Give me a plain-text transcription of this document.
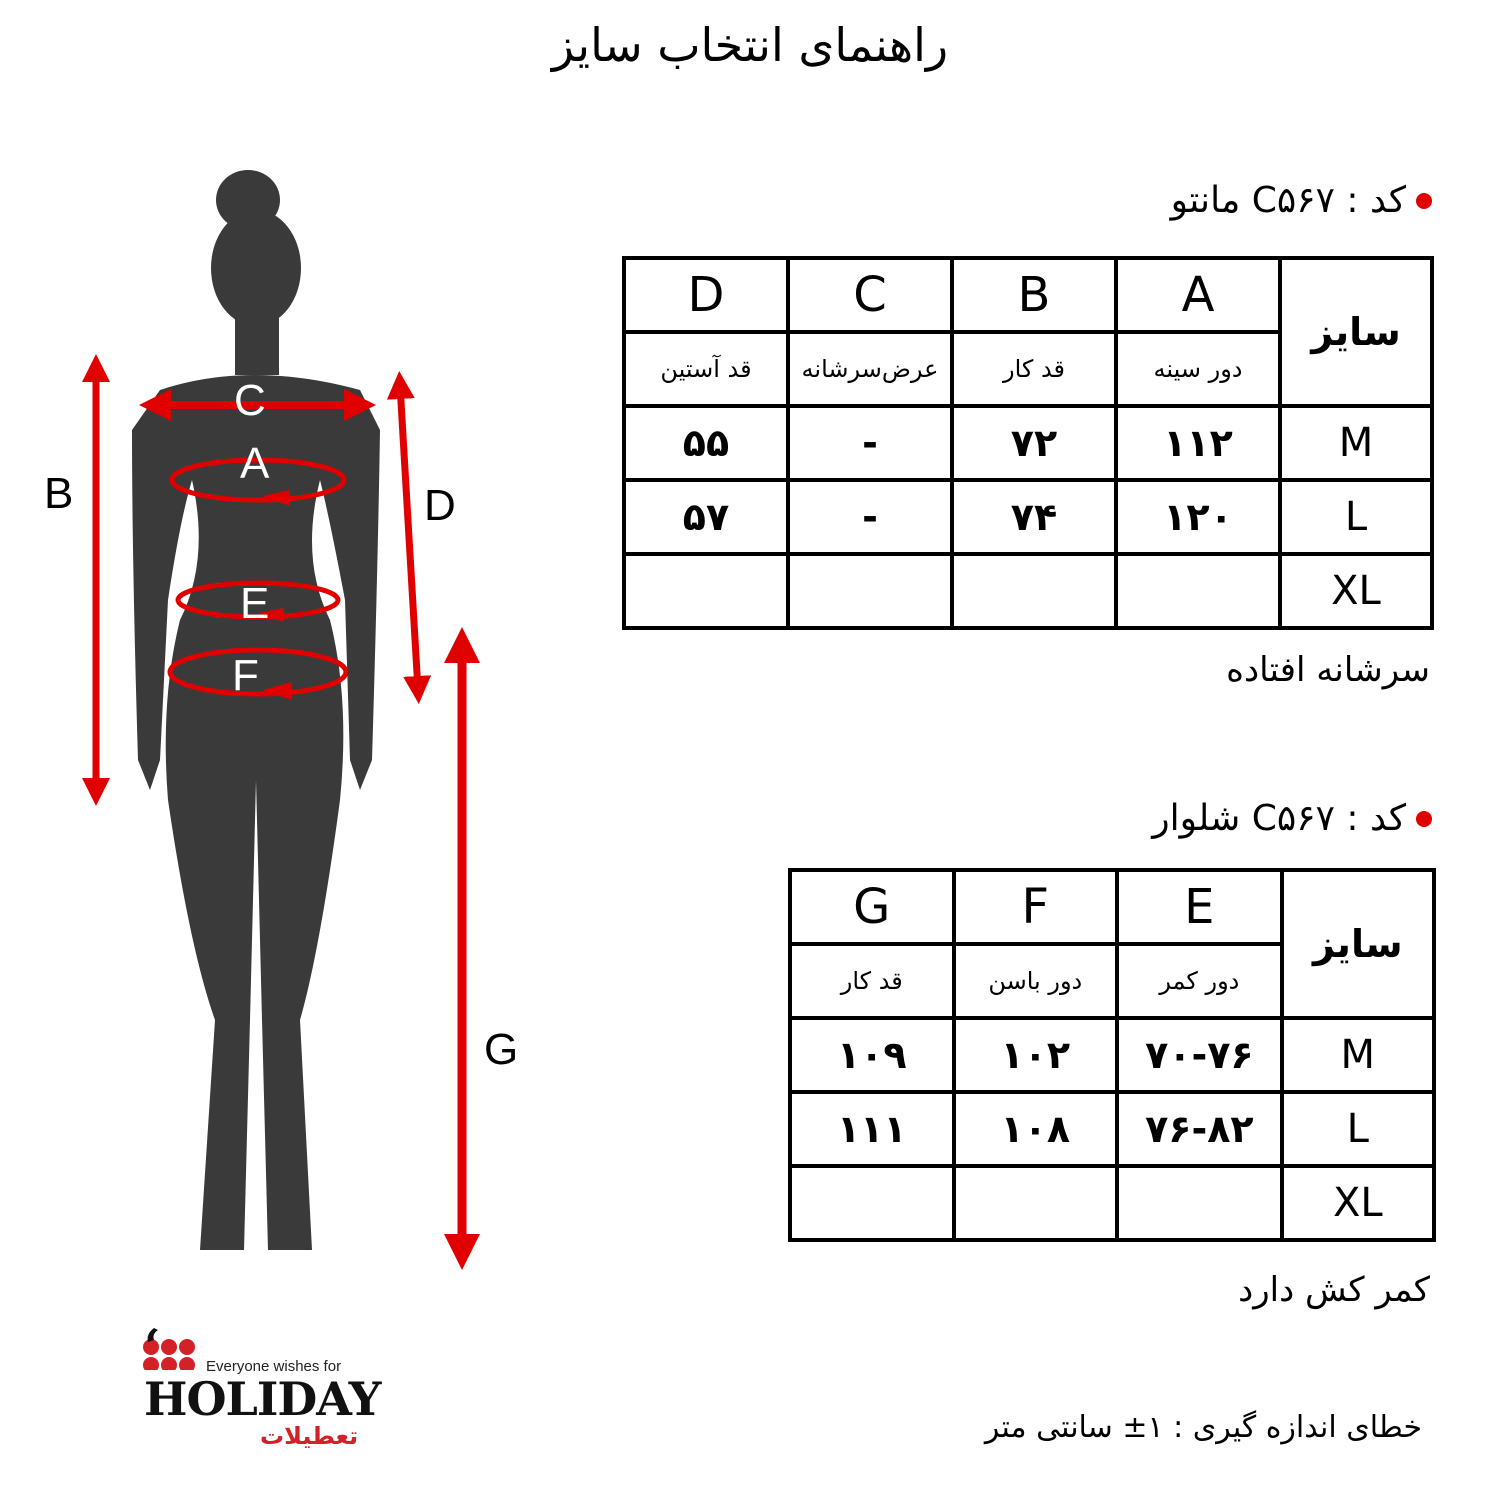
راهنمای انتخاب سایز
C
A
E
F
B	D
G
کد : C۵۶۷ مانتو
سایز	A	B	C	D
	دور سینه	قد کار	عرض‌سرشانه	قد آستین
M	۱۱۲	۷۲	-	۵۵
L	۱۲۰	۷۴	-	۵۷
XL				
سرشانه افتاده
کد : C۵۶۷ شلوار
سایز	E	F	G
	دور کمر	دور باسن	قد کار
M	۷۰-۷۶	۱۰۲	۱۰۹
L	۷۶-۸۲	۱۰۸	۱۱۱
XL			
کمر کش دارد
خطای اندازه گیری : ۱± سانتی متر
Everyone wishes for
HOLIDAY
تعطیلات
